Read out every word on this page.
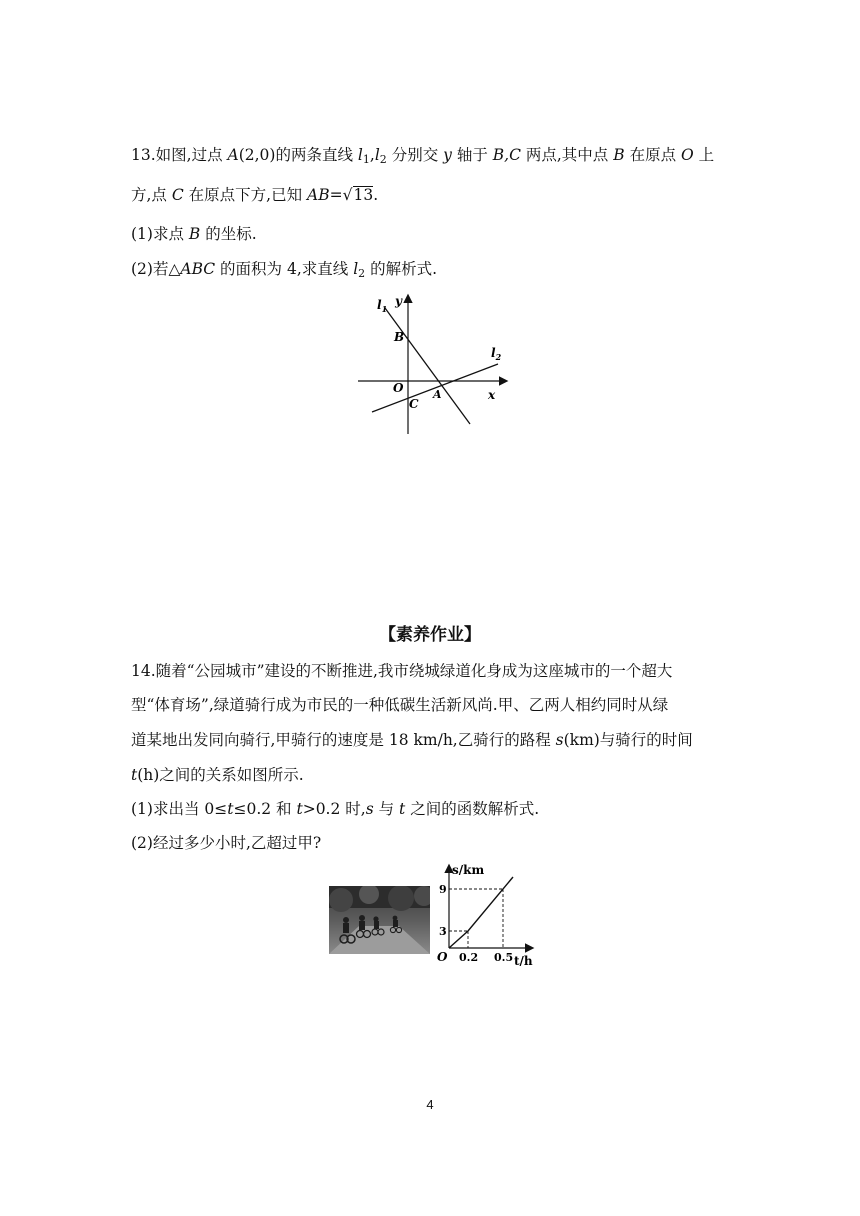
13.如图,过点 A(2,0)的两条直线 $l_1,l_2$ 分别交 y 轴于 B,C 两点,其中点 B 在原点 O 上
方,点 C 在原点下方,已知 AB=√13.
(1)求点 B 的坐标.
(2)若△ABC 的面积为 4,求直线 $l_2$ 的解析式.
$l_1$
y
B
$l_2$
O
C
A	x
【素养作业】
14.随着“公园城市”建设的不断推进,我市绕城绿道化身成为这座城市的一个超大
型“体育场”,绿道骑行成为市民的一种低碳生活新风尚.甲、乙两人相约同时从绿
道某地出发同向骑行,甲骑行的速度是 18 km/h,乙骑行的路程 s(km)与骑行的时间
t(h)之间的关系如图所示.
(1)求出当 0≤t≤0.2 和 t>0.2 时,s 与 t 之间的函数解析式.
(2)经过多少小时,乙超过甲?
s/km
9
3
O 0.2 0.5 t/h
4
